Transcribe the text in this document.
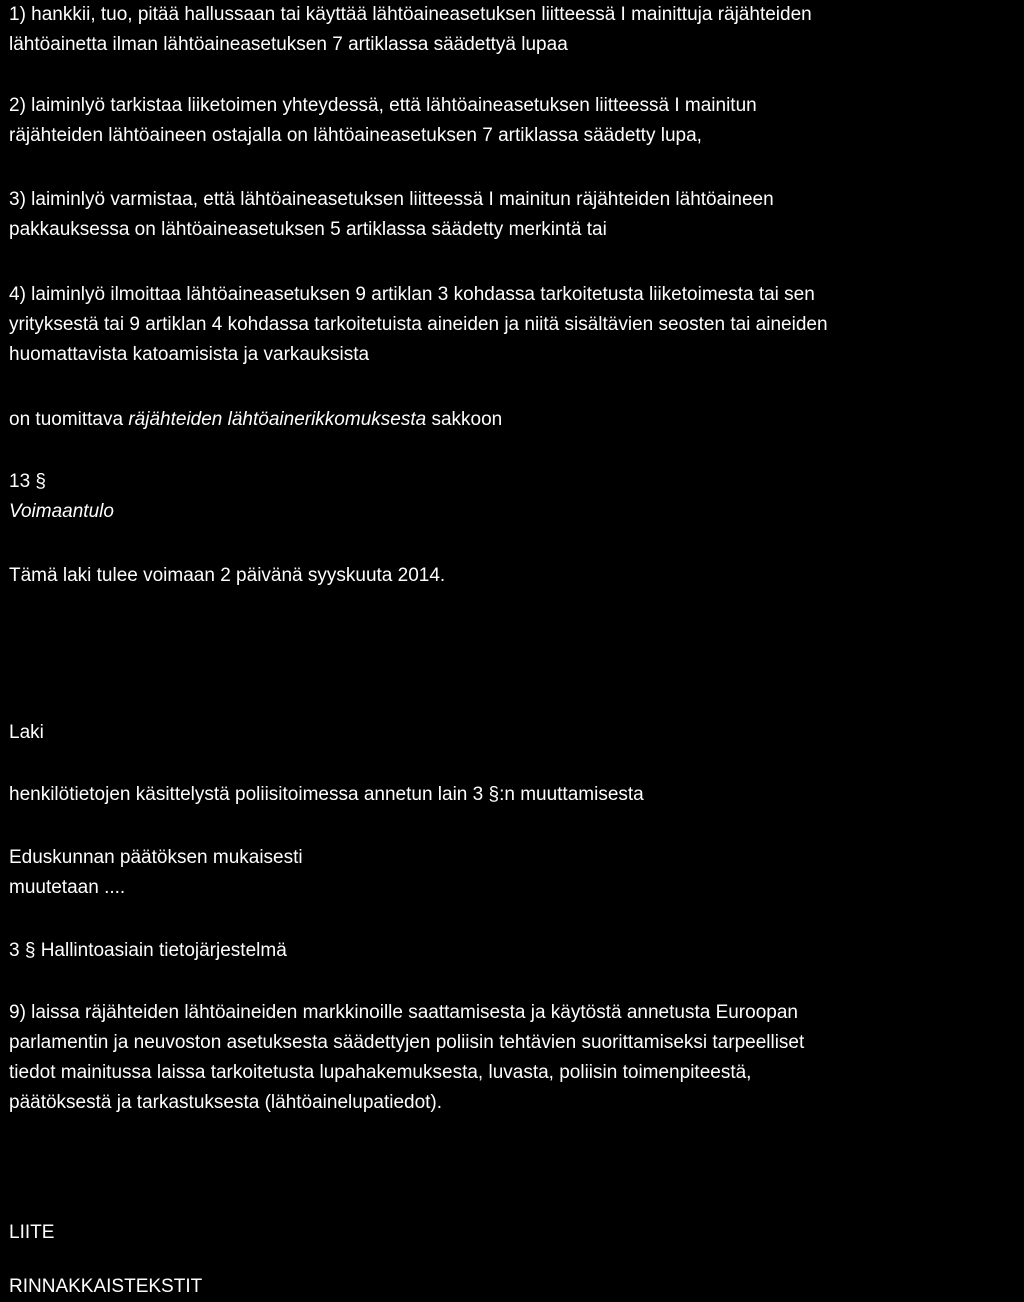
1) hankkii, tuo, pitää hallussaan tai käyttää lähtöaineasetuksen liitteessä I mainittuja räjähteiden
lähtöainetta ilman lähtöaineasetuksen 7 artiklassa säädettyä lupaa

2) laiminlyö tarkistaa liiketoimen yhteydessä, että lähtöaineasetuksen liitteessä I mainitun
räjähteiden lähtöaineen ostajalla on lähtöaineasetuksen 7 artiklassa säädetty lupa,

3) laiminlyö varmistaa, että lähtöaineasetuksen liitteessä I mainitun räjähteiden lähtöaineen
pakkauksessa on lähtöaineasetuksen 5 artiklassa säädetty merkintä tai

4) laiminlyö ilmoittaa lähtöaineasetuksen 9 artiklan 3 kohdassa tarkoitetusta liiketoimesta tai sen
yrityksestä tai 9 artiklan 4 kohdassa tarkoitetuista aineiden ja niitä sisältävien seosten tai aineiden
huomattavista katoamisista ja varkauksista

on tuomittava räjähteiden lähtöainerikkomuksesta sakkoon

13 §
Voimaantulo

Tämä laki tulee voimaan 2 päivänä syyskuuta 2014.

Laki

henkilötietojen käsittelystä poliisitoimessa annetun lain 3 §:n muuttamisesta

Eduskunnan päätöksen mukaisesti
muutetaan ....

3 § Hallintoasiain tietojärjestelmä

9) laissa räjähteiden lähtöaineiden markkinoille saattamisesta ja käytöstä annetusta Euroopan
parlamentin ja neuvoston asetuksesta säädettyjen poliisin tehtävien suorittamiseksi tarpeelliset
tiedot mainitussa laissa tarkoitetusta lupahakemuksesta, luvasta, poliisin toimenpiteestä,
päätöksestä ja tarkastuksesta (lähtöainelupatiedot).

LIITE

RINNAKKAISTEKSTIT
